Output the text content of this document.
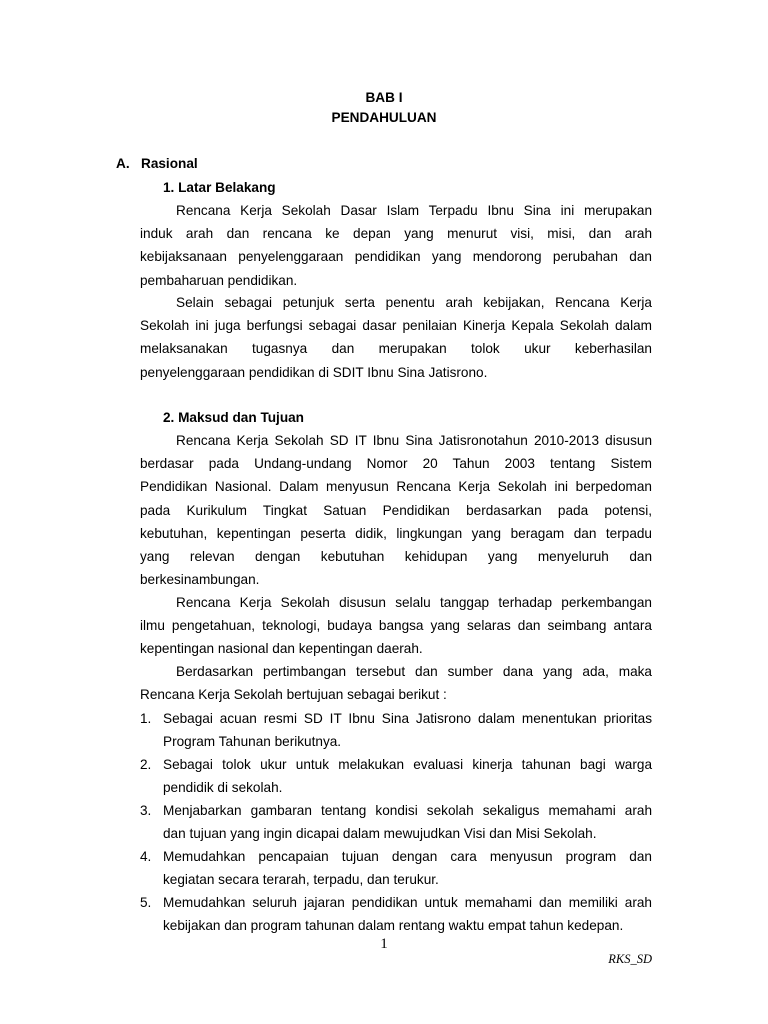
BAB I
PENDAHULUAN
A. Rasional
1. Latar Belakang
Rencana Kerja Sekolah Dasar Islam Terpadu Ibnu Sina ini merupakan
induk arah dan rencana ke depan yang menurut visi, misi, dan arah
kebijaksanaan penyelenggaraan pendidikan yang mendorong perubahan dan
pembaharuan pendidikan.
Selain sebagai petunjuk serta penentu arah kebijakan, Rencana Kerja
Sekolah ini juga berfungsi sebagai dasar penilaian Kinerja Kepala Sekolah dalam
melaksanakan tugasnya dan merupakan tolok ukur keberhasilan
penyelenggaraan pendidikan di SDIT Ibnu Sina Jatisrono.
2. Maksud dan Tujuan
Rencana Kerja Sekolah SD IT Ibnu Sina Jatisronotahun 2010-2013 disusun
berdasar pada Undang-undang Nomor 20 Tahun 2003 tentang Sistem
Pendidikan Nasional. Dalam menyusun Rencana Kerja Sekolah ini berpedoman
pada Kurikulum Tingkat Satuan Pendidikan berdasarkan pada potensi,
kebutuhan, kepentingan peserta didik, lingkungan yang beragam dan terpadu
yang relevan dengan kebutuhan kehidupan yang menyeluruh dan
berkesinambungan.
Rencana Kerja Sekolah disusun selalu tanggap terhadap perkembangan
ilmu pengetahuan, teknologi, budaya bangsa yang selaras dan seimbang antara
kepentingan nasional dan kepentingan daerah.
Berdasarkan pertimbangan tersebut dan sumber dana yang ada, maka
Rencana Kerja Sekolah bertujuan sebagai berikut :
1. Sebagai acuan resmi SD IT Ibnu Sina Jatisrono dalam menentukan prioritas
Program Tahunan berikutnya.
2. Sebagai tolok ukur untuk melakukan evaluasi kinerja tahunan bagi warga
pendidik di sekolah.
3. Menjabarkan gambaran tentang kondisi sekolah sekaligus memahami arah
dan tujuan yang ingin dicapai dalam mewujudkan Visi dan Misi Sekolah.
4. Memudahkan pencapaian tujuan dengan cara menyusun program dan
kegiatan secara terarah, terpadu, dan terukur.
5. Memudahkan seluruh jajaran pendidikan untuk memahami dan memiliki arah
kebijakan dan program tahunan dalam rentang waktu empat tahun kedepan.
1
RKS_SD
